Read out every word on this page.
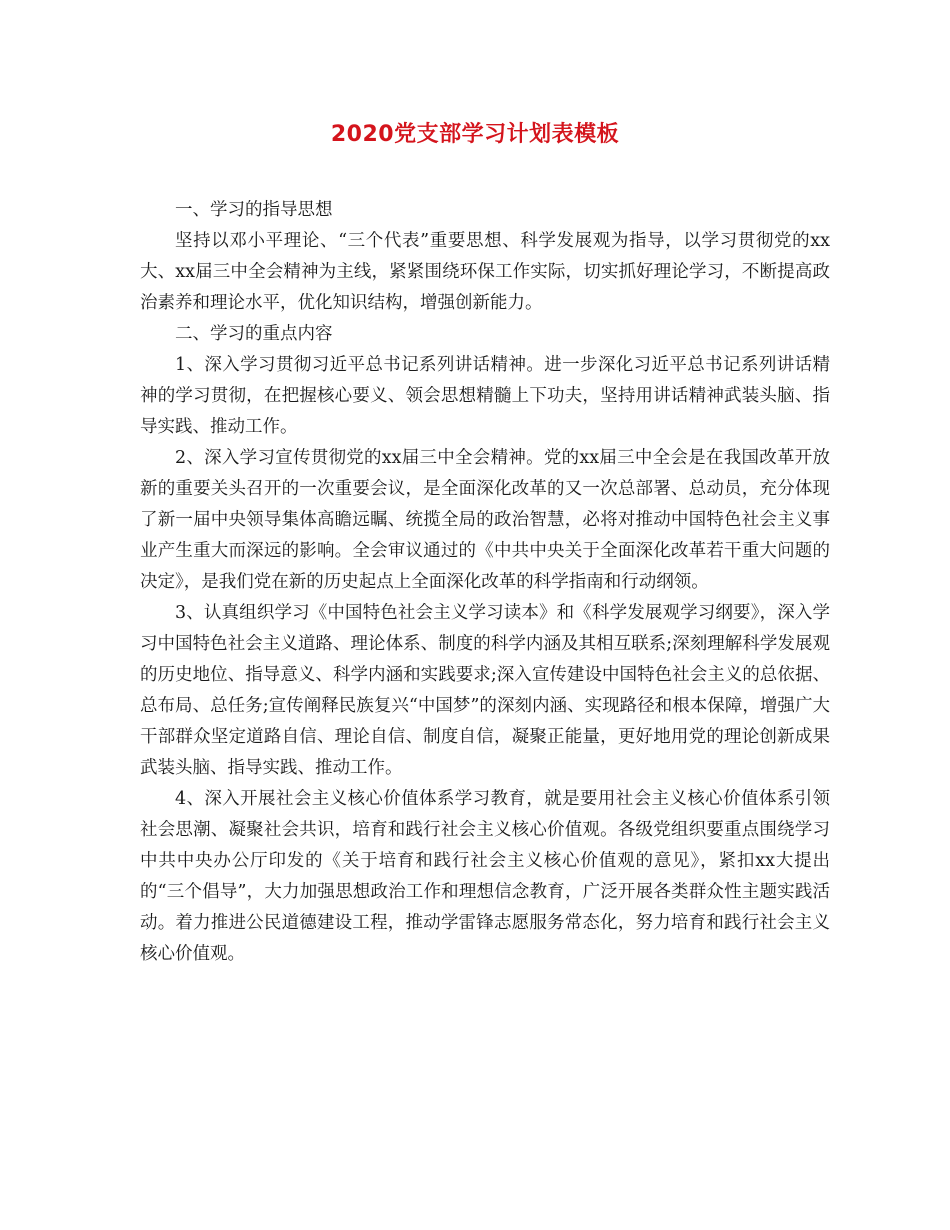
2020党支部学习计划表模板

一、学习的指导思想

坚持以邓小平理论、“三个代表”重要思想、科学发展观为指导，以学习贯彻党的xx大、xx届三中全会精神为主线，紧紧围绕环保工作实际，切实抓好理论学习，不断提高政治素养和理论水平，优化知识结构，增强创新能力。

二、学习的重点内容

1、深入学习贯彻习近平总书记系列讲话精神。进一步深化习近平总书记系列讲话精神的学习贯彻，在把握核心要义、领会思想精髓上下功夫，坚持用讲话精神武装头脑、指导实践、推动工作。

2、深入学习宣传贯彻党的xx届三中全会精神。党的xx届三中全会是在我国改革开放新的重要关头召开的一次重要会议，是全面深化改革的又一次总部署、总动员，充分体现了新一届中央领导集体高瞻远瞩、统揽全局的政治智慧，必将对推动中国特色社会主义事业产生重大而深远的影响。全会审议通过的《中共中央关于全面深化改革若干重大问题的决定》，是我们党在新的历史起点上全面深化改革的科学指南和行动纲领。

3、认真组织学习《中国特色社会主义学习读本》和《科学发展观学习纲要》，深入学习中国特色社会主义道路、理论体系、制度的科学内涵及其相互联系;深刻理解科学发展观的历史地位、指导意义、科学内涵和实践要求;深入宣传建设中国特色社会主义的总依据、总布局、总任务;宣传阐释民族复兴“中国梦”的深刻内涵、实现路径和根本保障，增强广大干部群众坚定道路自信、理论自信、制度自信，凝聚正能量，更好地用党的理论创新成果武装头脑、指导实践、推动工作。

4、深入开展社会主义核心价值体系学习教育，就是要用社会主义核心价值体系引领社会思潮、凝聚社会共识，培育和践行社会主义核心价值观。各级党组织要重点围绕学习中共中央办公厅印发的《关于培育和践行社会主义核心价值观的意见》，紧扣xx大提出的“三个倡导”，大力加强思想政治工作和理想信念教育，广泛开展各类群众性主题实践活动。着力推进公民道德建设工程，推动学雷锋志愿服务常态化，努力培育和践行社会主义核心价值观。
